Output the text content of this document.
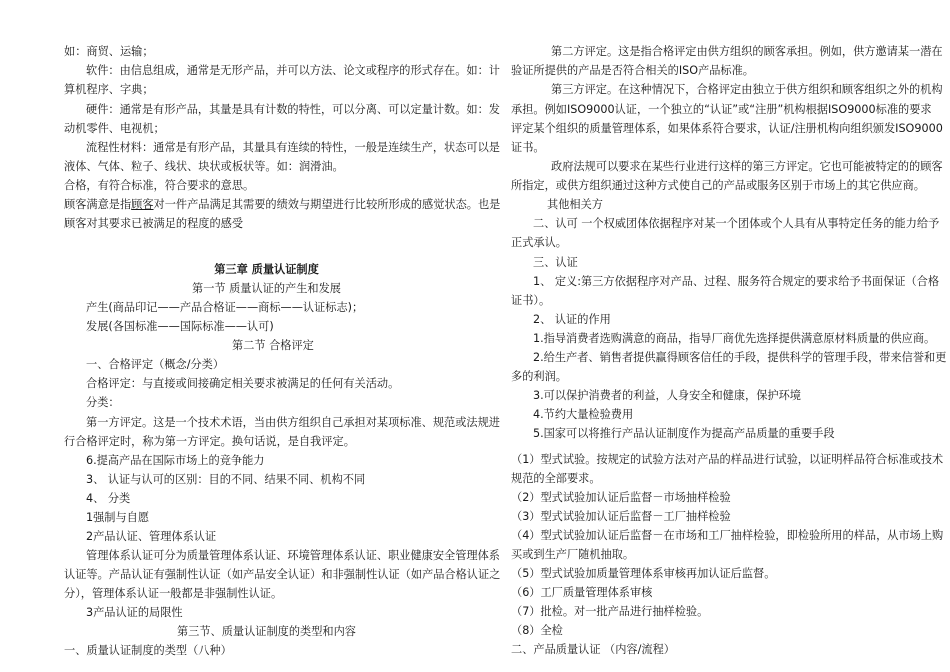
如：商贸、运输；
软件：由信息组成，通常是无形产品，并可以方法、论文或程序的形式存在。如：计
算机程序、字典；
硬件：通常是有形产品，其量是具有计数的特性，可以分离、可以定量计数。如：发
动机零件、电视机；
流程性材料：通常是有形产品，其量具有连续的特性，一般是连续生产，状态可以是
液体、气体、粒子、线状、块状或板状等。如：润滑油。
合格，有符合标准，符合要求的意思。
顾客满意是指顾客对一件产品满足其需要的绩效与期望进行比较所形成的感觉状态。也是
顾客对其要求已被满足的程度的感受
第三章 质量认证制度
第一节 质量认证的产生和发展
产生(商品印记——产品合格证——商标——认证标志)；
发展(各国标准——国际标准——认可)
第二节 合格评定
一、合格评定（概念/分类）
合格评定：与直接或间接确定相关要求被满足的任何有关活动。
分类：
第一方评定。这是一个技术术语，当由供方组织自己承担对某项标准、规范或法规进
行合格评定时，称为第一方评定。换句话说，是自我评定。
6.提高产品在国际市场上的竞争能力
3、 认证与认可的区别：目的不同、结果不同、机构不同
4、 分类
1强制与自愿
2产品认证、管理体系认证
管理体系认证可分为质量管理体系认证、环境管理体系认证、职业健康安全管理体系
认证等。产品认证有强制性认证（如产品安全认证）和非强制性认证（如产品合格认证之
分），管理体系认证一般都是非强制性认证。
3产品认证的局限性
第三节、质量认证制度的类型和内容
一、质量认证制度的类型（八种）
第二方评定。这是指合格评定由供方组织的顾客承担。例如，供方邀请某一潜在
验证所提供的产品是否符合相关的ISO产品标准。
第三方评定。在这种情况下，合格评定由独立于供方组织和顾客组织之外的机构
承担。例如ISO9000认证，一个独立的“认证”或“注册”机构根据ISO9000标准的要求
评定某个组织的质量管理体系，如果体系符合要求，认证/注册机构向组织颁发ISO9000
证书。
政府法规可以要求在某些行业进行这样的第三方评定。它也可能被特定的的顾客
所指定，或供方组织通过这种方式使自己的产品或服务区别于市场上的其它供应商。
其他相关方
二、认可 一个权威团体依据程序对某一个团体或个人具有从事特定任务的能力给予
正式承认。
三、认证
1、 定义:第三方依据程序对产品、过程、服务符合规定的要求给予书面保证（合格
证书）。
2、 认证的作用
1.指导消费者选购满意的商品，指导厂商优先选择提供满意原材料质量的供应商。
2.给生产者、销售者提供赢得顾客信任的手段，提供科学的管理手段，带来信誉和更
多的利润。
3.可以保护消费者的利益，人身安全和健康，保护环境
4.节约大量检验费用
5.国家可以将推行产品认证制度作为提高产品质量的重要手段
（1）型式试验。按规定的试验方法对产品的样品进行试验，以证明样品符合标准或技术
规范的全部要求。
（2）型式试验加认证后监督－市场抽样检验
（3）型式试验加认证后监督－工厂抽样检验
（4）型式试验加认证后监督－在市场和工厂抽样检验，即检验所用的样品，从市场上购
买或到生产厂随机抽取。
（5）型式试验加质量管理体系审核再加认证后监督。
（6）工厂质量管理体系审核
（7）批检。对一批产品进行抽样检验。
（8）全检
二、产品质量认证 （内容/流程）
